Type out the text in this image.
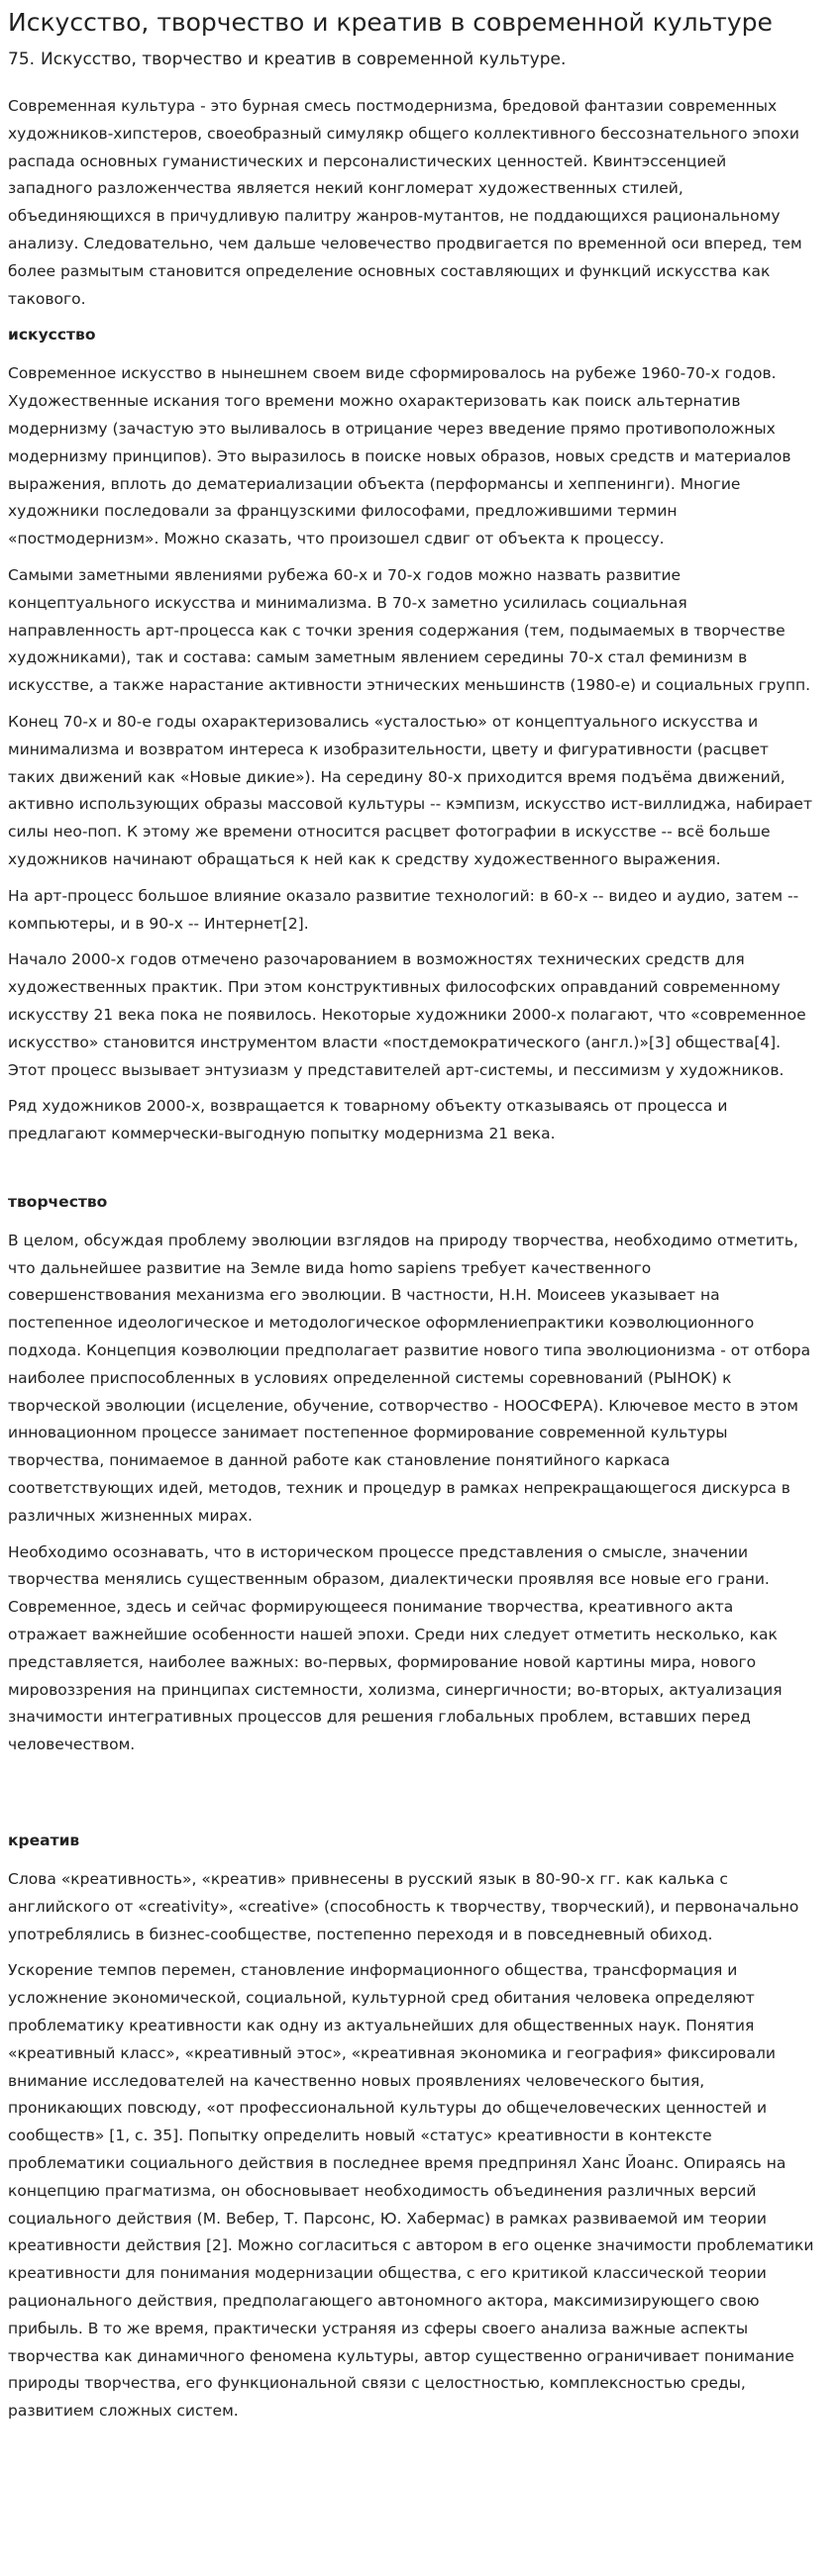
Искусство, творчество и креатив в современной культуре
75. Искусство, творчество и креатив в современной культуре.

Современная культура - это бурная смесь постмодернизма, бредовой фантазии современных художников-хипстеров, своеобразный симулякр общего коллективного бессознательного эпохи распада основных гуманистических и персоналистических ценностей. Квинтэссенцией западного разложенчества является некий конгломерат художественных стилей, объединяющихся в причудливую палитру жанров-мутантов, не поддающихся рациональному анализу. Следовательно, чем дальше человечество продвигается по временной оси вперед, тем более размытым становится определение основных составляющих и функций искусства как такового.

искусство

Современное искусство в нынешнем своем виде сформировалось на рубеже 1960-70-х годов. Художественные искания того времени можно охарактеризовать как поиск альтернатив модернизму (зачастую это выливалось в отрицание через введение прямо противоположных модернизму принципов). Это выразилось в поиске новых образов, новых средств и материалов выражения, вплоть до дематериализации объекта (перформансы и хеппенинги). Многие художники последовали за французскими философами, предложившими термин «постмодернизм». Можно сказать, что произошел сдвиг от объекта к процессу.

Самыми заметными явлениями рубежа 60-х и 70-х годов можно назвать развитие концептуального искусства и минимализма. В 70-х заметно усилилась социальная направленность арт-процесса как с точки зрения содержания (тем, подымаемых в творчестве художниками), так и состава: самым заметным явлением середины 70-х стал феминизм в искусстве, а также нарастание активности этнических меньшинств (1980-е) и социальных групп.

Конец 70-х и 80-е годы охарактеризовались «усталостью» от концептуального искусства и минимализма и возвратом интереса к изобразительности, цвету и фигуративности (расцвет таких движений как «Новые дикие»). На середину 80-х приходится время подъёма движений, активно использующих образы массовой культуры -- кэмпизм, искусство ист-виллиджа, набирает силы нео-поп. К этому же времени относится расцвет фотографии в искусстве -- всё больше художников начинают обращаться к ней как к средству художественного выражения.

На арт-процесс большое влияние оказало развитие технологий: в 60-х -- видео и аудио, затем -- компьютеры, и в 90-х -- Интернет[2].

Начало 2000-х годов отмечено разочарованием в возможностях технических средств для художественных практик. При этом конструктивных философских оправданий современному искусству 21 века пока не появилось. Некоторые художники 2000-х полагают, что «современное искусство» становится инструментом власти «постдемократического (англ.)»[3] общества[4]. Этот процесс вызывает энтузиазм у представителей арт-системы, и пессимизм у художников.

Ряд художников 2000-х, возвращается к товарному объекту отказываясь от процесса и предлагают коммерчески-выгодную попытку модернизма 21 века.

творчество

В целом, обсуждая проблему эволюции взглядов на природу творчества, необходимо отметить, что дальнейшее развитие на Земле вида homo sapiens требует качественного совершенствования механизма его эволюции. В частности, Н.Н. Моисеев указывает на постепенное идеологическое и методологическое оформлениепрактики коэволюционного подхода. Концепция коэволюции предполагает развитие нового типа эволюционизма - от отбора наиболее приспособленных в условиях определенной системы соревнований (РЫНОК) к творческой эволюции (исцеление, обучение, сотворчество - НООСФЕРА). Ключевое место в этом инновационном процессе занимает постепенное формирование современной культуры творчества, понимаемое в данной работе как становление понятийного каркаса соответствующих идей, методов, техник и процедур в рамках непрекращающегося дискурса в различных жизненных мирах.

Необходимо осознавать, что в историческом процессе представления о смысле, значении творчества менялись существенным образом, диалектически проявляя все новые его грани. Современное, здесь и сейчас формирующееся понимание творчества, креативного акта отражает важнейшие особенности нашей эпохи. Среди них следует отметить несколько, как представляется, наиболее важных: во-первых, формирование новой картины мира, нового мировоззрения на принципах системности, холизма, синергичности; во-вторых, актуализация значимости интегративных процессов для решения глобальных проблем, вставших перед человечеством.

креатив

Слова «креативность», «креатив» привнесены в русский язык в 80-90-х гг. как калька с английского от «creativity», «creative» (способность к творчеству, творческий), и первоначально употреблялись в бизнес-сообществе, постепенно переходя и в повседневный обиход.

Ускорение темпов перемен, становление информационного общества, трансформация и усложнение экономической, социальной, культурной сред обитания человека определяют проблематику креативности как одну из актуальнейших для общественных наук. Понятия «креативный класс», «креативный этос», «креативная экономика и география» фиксировали внимание исследователей на качественно новых проявлениях человеческого бытия, проникающих повсюду, «от профессиональной культуры до общечеловеческих ценностей и сообществ» [1, с. 35]. Попытку определить новый «статус» креативности в контексте проблематики социального действия в последнее время предпринял Ханс Йоанс. Опираясь на концепцию прагматизма, он обосновывает необходимость объединения различных версий социального действия (М. Вебер, Т. Парсонс, Ю. Хабермас) в рамках развиваемой им теории креативности действия [2]. Можно согласиться с автором в его оценке значимости проблематики креативности для понимания модернизации общества, с его критикой классической теории рационального действия, предполагающего автономного актора, максимизирующего свою прибыль. В то же время, практически устраняя из сферы своего анализа важные аспекты творчества как динамичного феномена культуры, автор существенно ограничивает понимание природы творчества, его функциональной связи с целостностью, комплексностью среды, развитием сложных систем.
